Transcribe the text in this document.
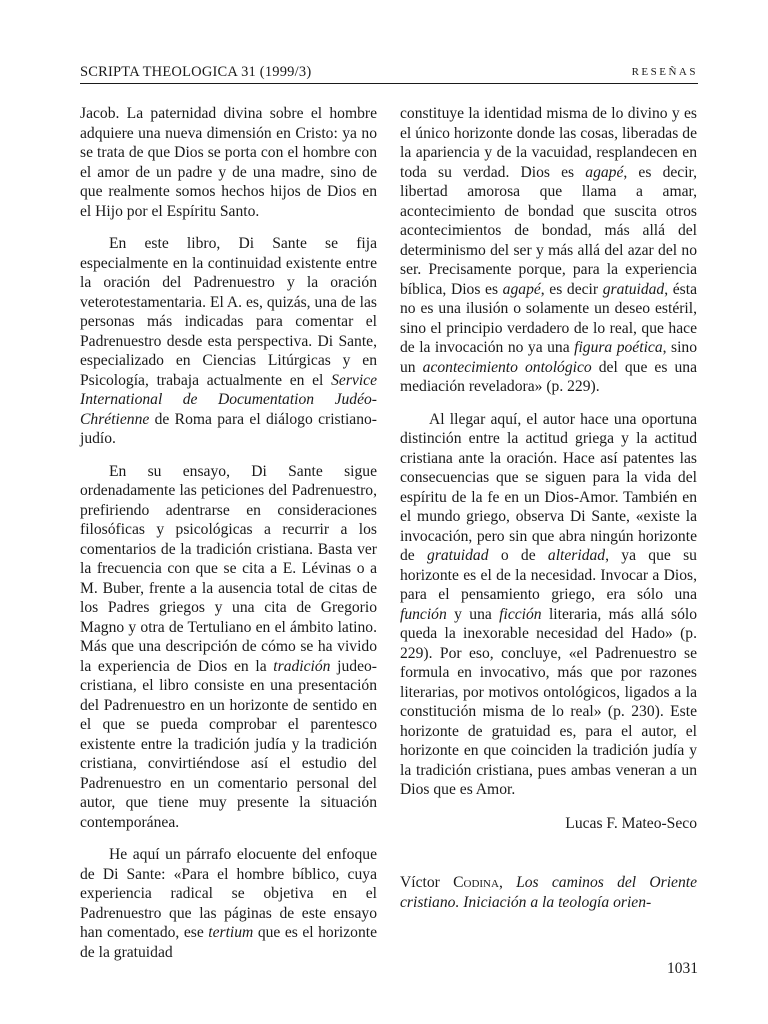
SCRIPTA THEOLOGICA 31 (1999/3)	RESEÑAS

Jacob. La paternidad divina sobre el hombre adquiere una nueva dimensión en Cristo: ya no se trata de que Dios se porta con el hombre con el amor de un padre y de una madre, sino de que realmente somos hechos hijos de Dios en el Hijo por el Espíritu Santo.

En este libro, Di Sante se fija especialmente en la continuidad existente entre la oración del Padrenuestro y la oración veterotestamentaria. El A. es, quizás, una de las personas más indicadas para comentar el Padrenuestro desde esta perspectiva. Di Sante, especializado en Ciencias Litúrgicas y en Psicología, trabaja actualmente en el Service International de Documentation Judéo-Chrétienne de Roma para el diálogo cristiano-judío.

En su ensayo, Di Sante sigue ordenadamente las peticiones del Padrenuestro, prefiriendo adentrarse en consideraciones filosóficas y psicológicas a recurrir a los comentarios de la tradición cristiana. Basta ver la frecuencia con que se cita a E. Lévinas o a M. Buber, frente a la ausencia total de citas de los Padres griegos y una cita de Gregorio Magno y otra de Tertuliano en el ámbito latino. Más que una descripción de cómo se ha vivido la experiencia de Dios en la tradición judeo-cristiana, el libro consiste en una presentación del Padrenuestro en un horizonte de sentido en el que se pueda comprobar el parentesco existente entre la tradición judía y la tradición cristiana, convirtiéndose así el estudio del Padrenuestro en un comentario personal del autor, que tiene muy presente la situación contemporánea.

He aquí un párrafo elocuente del enfoque de Di Sante: «Para el hombre bíblico, cuya experiencia radical se objetiva en el Padrenuestro que las páginas de este ensayo han comentado, ese tertium que es el horizonte de la gratuidad

constituye la identidad misma de lo divino y es el único horizonte donde las cosas, liberadas de la apariencia y de la vacuidad, resplandecen en toda su verdad. Dios es agapé, es decir, libertad amorosa que llama a amar, acontecimiento de bondad que suscita otros acontecimientos de bondad, más allá del determinismo del ser y más allá del azar del no ser. Precisamente porque, para la experiencia bíblica, Dios es agapé, es decir gratuidad, ésta no es una ilusión o solamente un deseo estéril, sino el principio verdadero de lo real, que hace de la invocación no ya una figura poética, sino un acontecimiento ontológico del que es una mediación reveladora» (p. 229).

Al llegar aquí, el autor hace una oportuna distinción entre la actitud griega y la actitud cristiana ante la oración. Hace así patentes las consecuencias que se siguen para la vida del espíritu de la fe en un Dios-Amor. También en el mundo griego, observa Di Sante, «existe la invocación, pero sin que abra ningún horizonte de gratuidad o de alteridad, ya que su horizonte es el de la necesidad. Invocar a Dios, para el pensamiento griego, era sólo una función y una ficción literaria, más allá sólo queda la inexorable necesidad del Hado» (p. 229). Por eso, concluye, «el Padrenuestro se formula en invocativo, más que por razones literarias, por motivos ontológicos, ligados a la constitución misma de lo real» (p. 230). Este horizonte de gratuidad es, para el autor, el horizonte en que coinciden la tradición judía y la tradición cristiana, pues ambas veneran a un Dios que es Amor.

Lucas F. Mateo-Seco

Víctor Codina, Los caminos del Oriente cristiano. Iniciación a la teología orien-

1031
